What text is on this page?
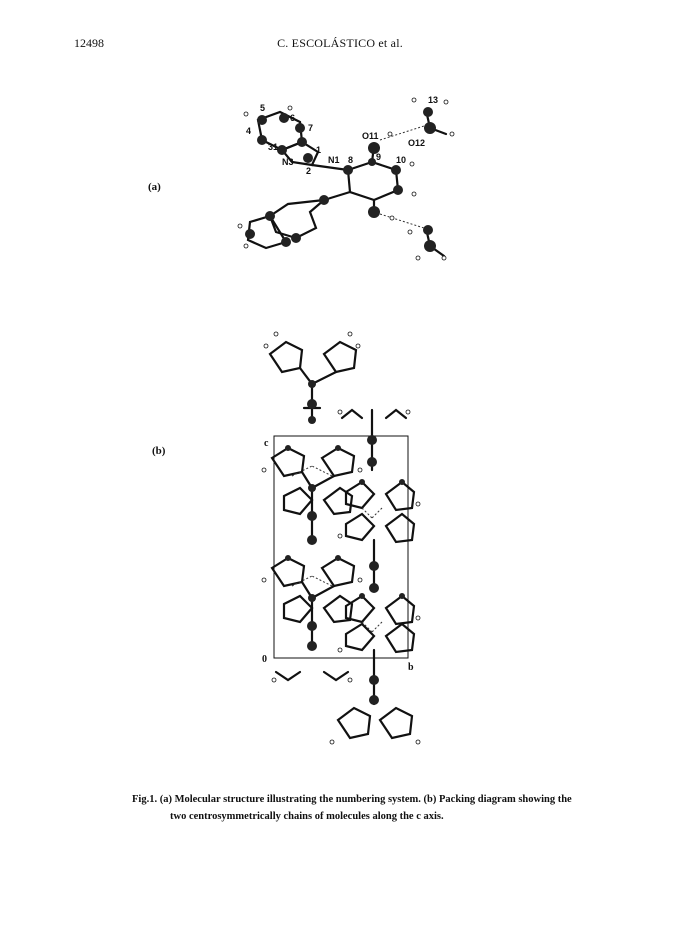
12498	C. ESCOLÁSTICO et al.
(a)
(b)
13
5
6
7
4	O11
O12
31
N3	N1 8	9 10
2
1
c
0
b
Fig.1. (a) Molecular structure illustrating the numbering system. (b) Packing diagram showing the
two centrosymmetrically chains of molecules along the c axis.
